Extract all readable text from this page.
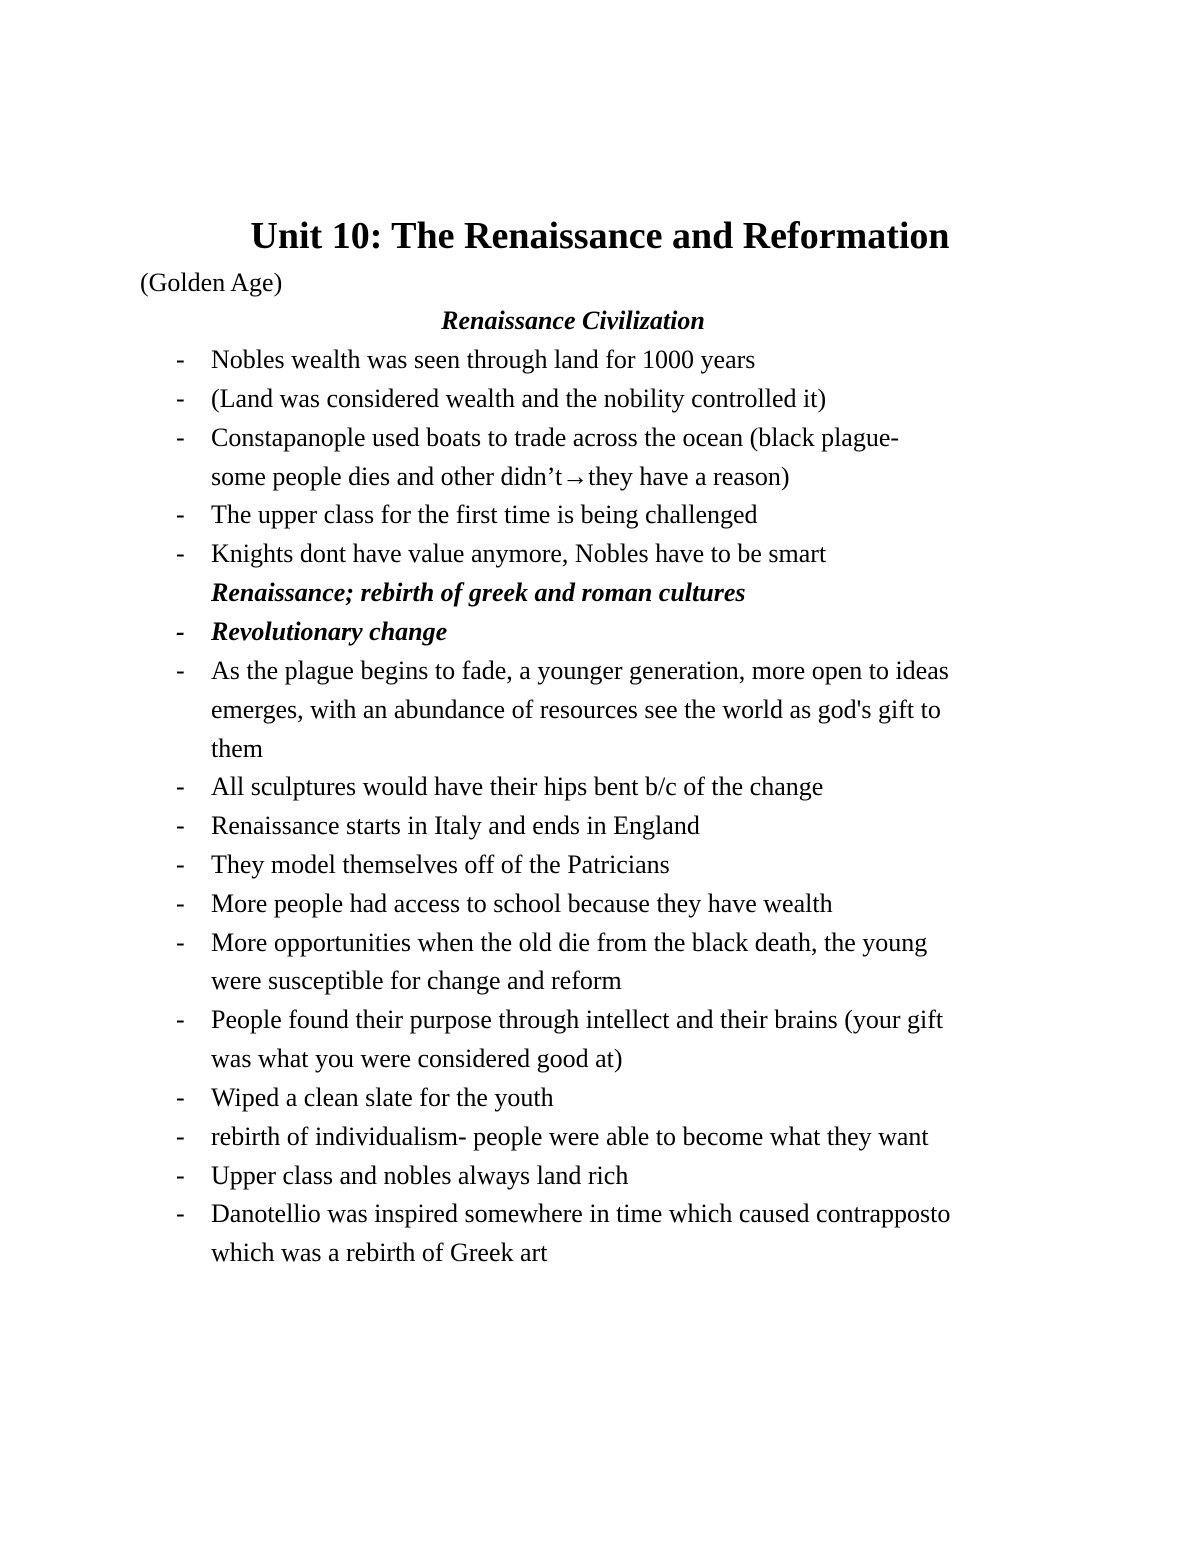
Unit 10: The Renaissance and Reformation
(Golden Age)
Renaissance Civilization
- Nobles wealth was seen through land for 1000 years
- (Land was considered wealth and the nobility controlled it)
- Constapanople used boats to trade across the ocean (black plague-
some people dies and other didn’t→they have a reason)
- The upper class for the first time is being challenged
- Knights dont have value anymore, Nobles have to be smart
Renaissance; rebirth of greek and roman cultures
- Revolutionary change
- As the plague begins to fade, a younger generation, more open to ideas
emerges, with an abundance of resources see the world as god's gift to
them
- All sculptures would have their hips bent b/c of the change
- Renaissance starts in Italy and ends in England
- They model themselves off of the Patricians
- More people had access to school because they have wealth
- More opportunities when the old die from the black death, the young
were susceptible for change and reform
- People found their purpose through intellect and their brains (your gift
was what you were considered good at)
- Wiped a clean slate for the youth
- rebirth of individualism- people were able to become what they want
- Upper class and nobles always land rich
- Danotellio was inspired somewhere in time which caused contrapposto
which was a rebirth of Greek art
